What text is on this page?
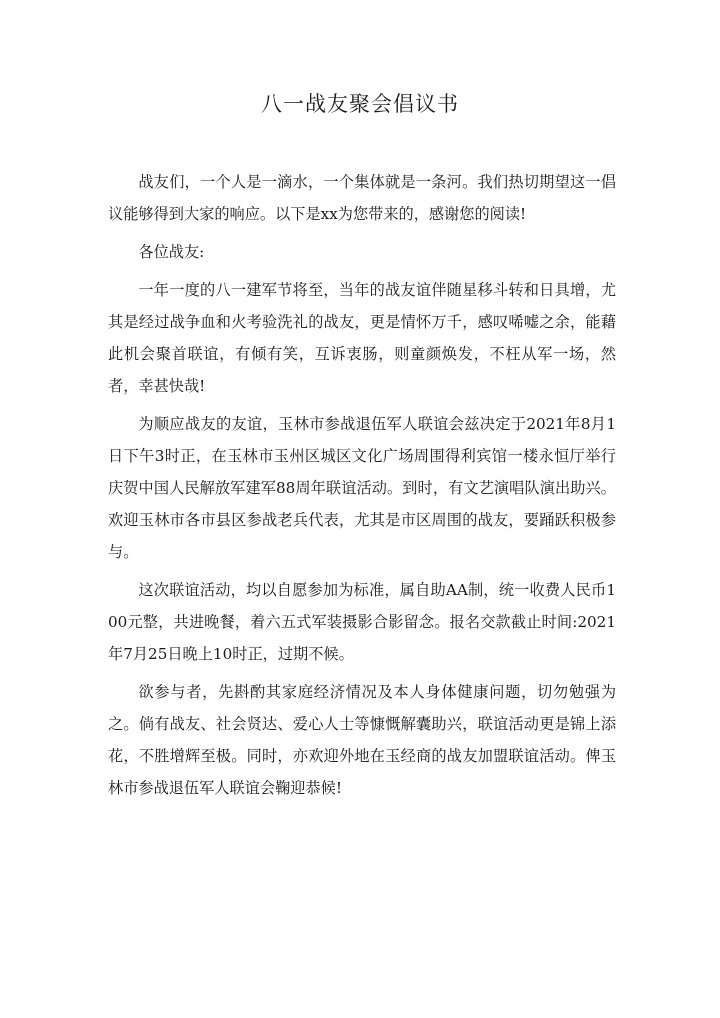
八一战友聚会倡议书

战友们，一个人是一滴水，一个集体就是一条河。我们热切期望这一倡议能够得到大家的响应。以下是xx为您带来的，感谢您的阅读!

各位战友:

一年一度的八一建军节将至，当年的战友谊伴随星移斗转和日具增，尤其是经过战争血和火考验洗礼的战友，更是情怀万千，感叹唏嘘之余，能藉此机会聚首联谊，有倾有笑，互诉衷肠，则童颜焕发，不枉从军一场，然者，幸甚快哉!

为顺应战友的友谊，玉林市参战退伍军人联谊会兹决定于2021年8月1日下午3时正，在玉林市玉州区城区文化广场周围得利宾馆一楼永恒厅举行庆贺中国人民解放军建军88周年联谊活动。到时，有文艺演唱队演出助兴。欢迎玉林市各市县区参战老兵代表，尤其是市区周围的战友，要踊跃积极参与。

这次联谊活动，均以自愿参加为标准，属自助AA制，统一收费人民币100元整，共进晚餐，着六五式军装摄影合影留念。报名交款截止时间:2021年7月25日晚上10时正，过期不候。

欲参与者，先斟酌其家庭经济情况及本人身体健康问题，切勿勉强为之。倘有战友、社会贤达、爱心人士等慷慨解囊助兴，联谊活动更是锦上添花，不胜增辉至极。同时，亦欢迎外地在玉经商的战友加盟联谊活动。俾玉林市参战退伍军人联谊会鞠迎恭候!
